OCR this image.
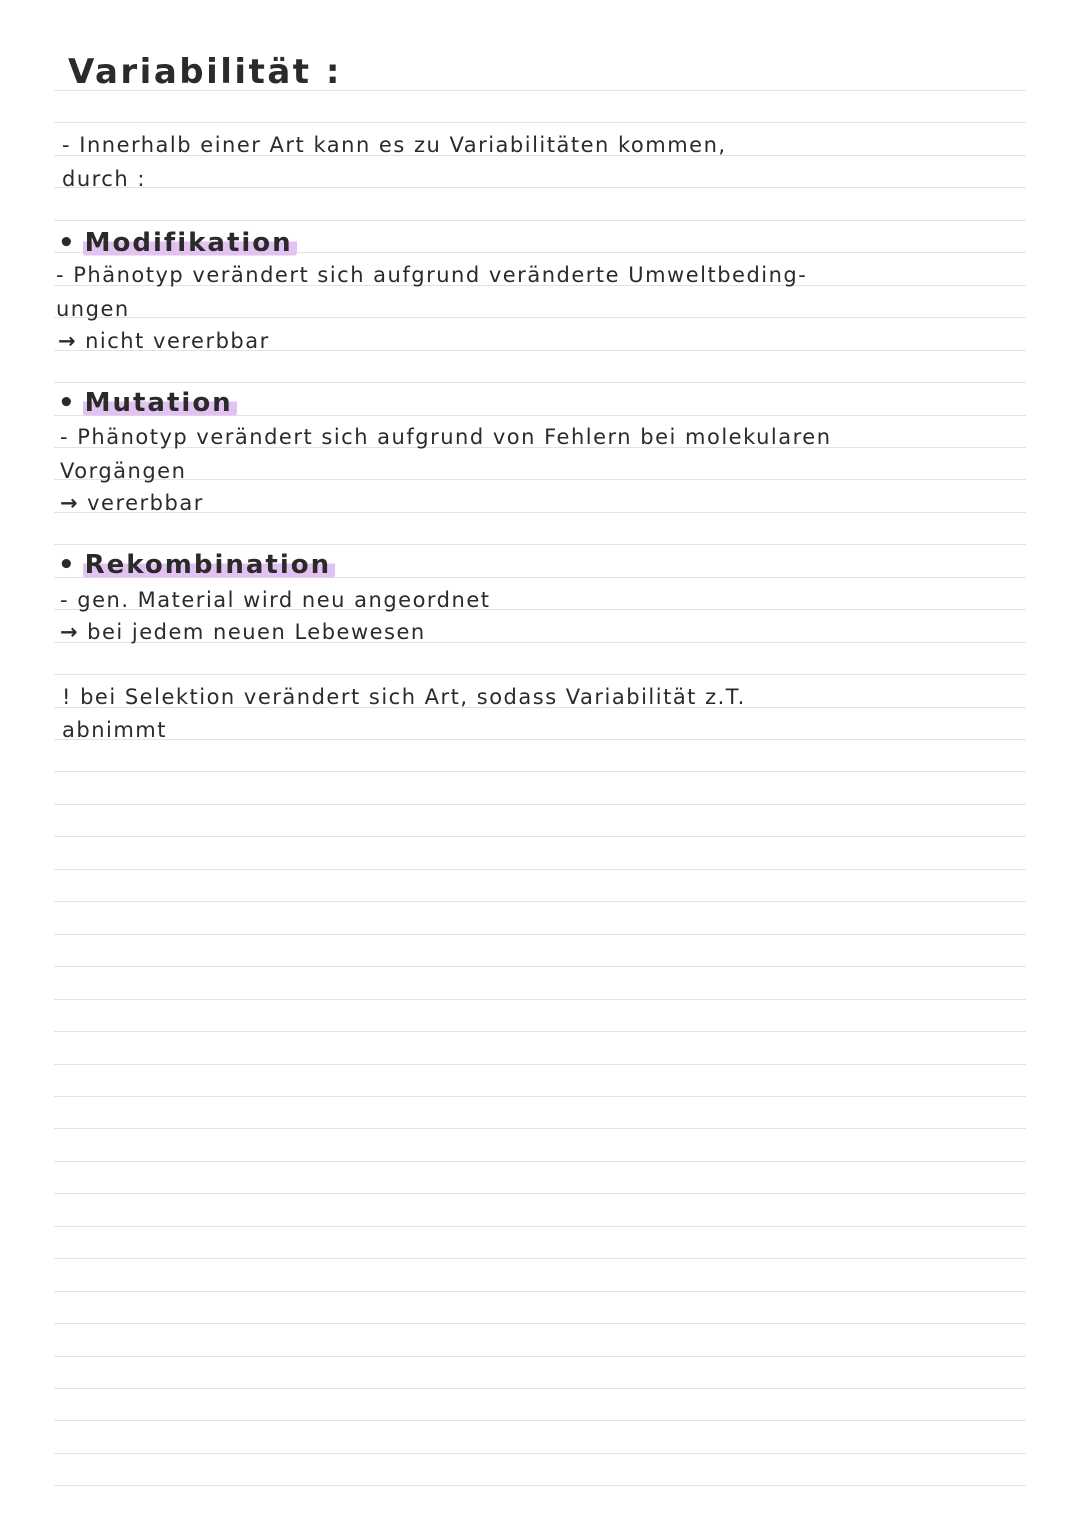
Variabilität :
- Innerhalb einer Art kann es zu Variabilitäten kommen,
durch :
• Modifikation
- Phänotyp verändert sich aufgrund veränderte Umweltbeding-
ungen
→ nicht vererbbar
• Mutation
- Phänotyp verändert sich aufgrund von Fehlern bei molekularen
Vorgängen
→ vererbbar
• Rekombination
- gen. Material wird neu angeordnet
→ bei jedem neuen Lebewesen
! bei Selektion verändert sich Art, sodass Variabilität z.T.
abnimmt
